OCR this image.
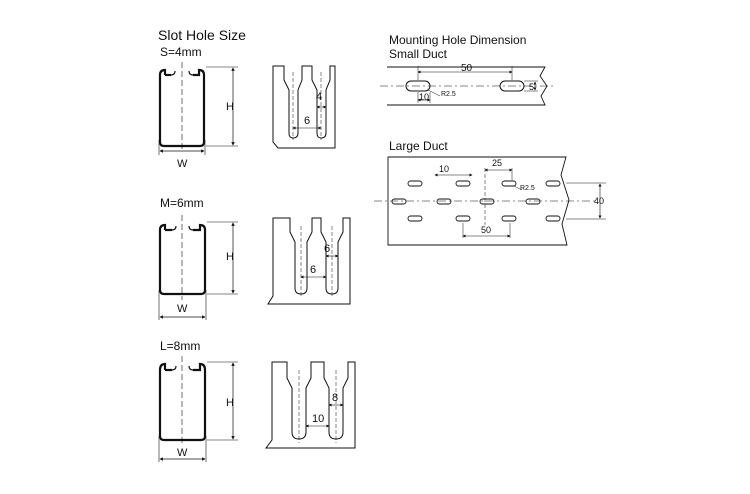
Slot Hole Size
S=4mm
M=6mm
L=8mm
Mounting Hole Dimension
Small Duct
Large Duct
H
W
4
6
H
W
6
6
H
W
8
10
50
10 R2.5
5
10
25
R2.5
50
40
